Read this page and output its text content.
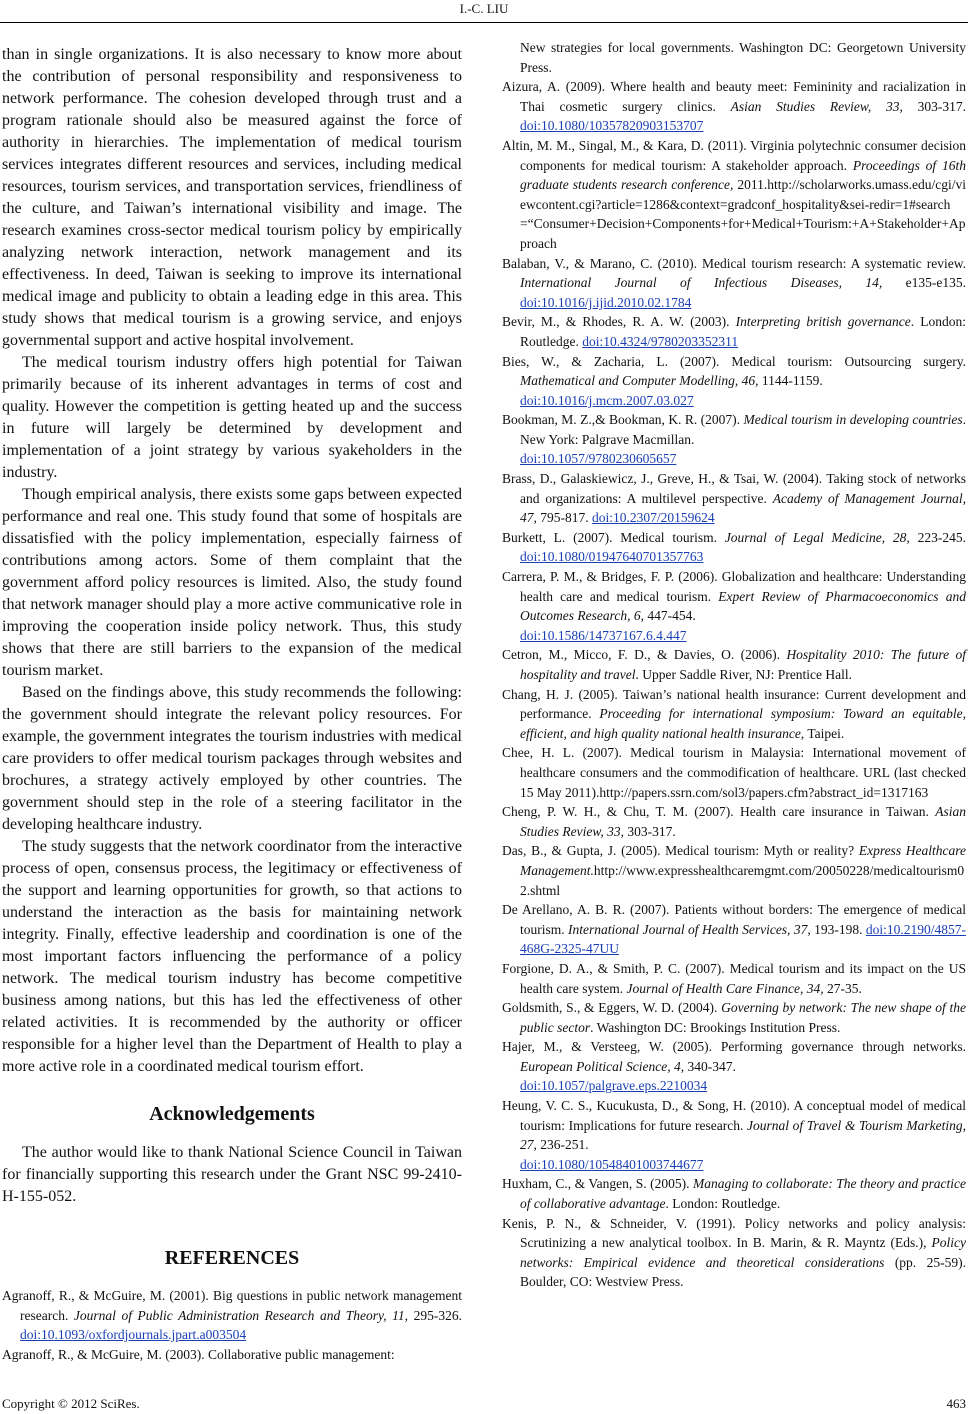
I.-C. LIU

than in single organizations. It is also necessary to know more about the contribution of personal responsibility and responsiveness to network performance. The cohesion developed through trust and a program rationale should also be measured against the force of authority in hierarchies. The implementation of medical tourism services integrates different resources and services, including medical resources, tourism services, and transportation services, friendliness of the culture, and Taiwan’s international visibility and image. The research examines cross-sector medical tourism policy by empirically analyzing network interaction, network management and its effectiveness. In deed, Taiwan is seeking to improve its international medical image and publicity to obtain a leading edge in this area. This study shows that medical tourism is a growing service, and enjoys governmental support and active hospital involvement.

The medical tourism industry offers high potential for Taiwan primarily because of its inherent advantages in terms of cost and quality. However the competition is getting heated up and the success in future will largely be determined by development and implementation of a joint strategy by various syakeholders in the industry.

Though empirical analysis, there exists some gaps between expected performance and real one. This study found that some of hospitals are dissatisfied with the policy implementation, especially fairness of contributions among actors. Some of them complaint that the government afford policy resources is limited. Also, the study found that network manager should play a more active communicative role in improving the cooperation inside policy network. Thus, this study shows that there are still barriers to the expansion of the medical tourism market.

Based on the findings above, this study recommends the following: the government should integrate the relevant policy resources. For example, the government integrates the tourism industries with medical care providers to offer medical tourism packages through websites and brochures, a strategy actively employed by other countries. The government should step in the role of a steering facilitator in the developing healthcare industry.

The study suggests that the network coordinator from the interactive process of open, consensus process, the legitimacy or effectiveness of the support and learning opportunities for growth, so that actions to understand the interaction as the basis for maintaining network integrity. Finally, effective leadership and coordination is one of the most important factors influencing the performance of a policy network. The medical tourism industry has become competitive business among nations, but this has led the effectiveness of other related activities. It is recommended by the authority or officer responsible for a higher level than the Department of Health to play a more active role in a coordinated medical tourism effort.

Acknowledgements

The author would like to thank National Science Council in Taiwan for financially supporting this research under the Grant NSC 99-2410-H-155-052.

REFERENCES

Agranoff, R., & McGuire, M. (2001). Big questions in public network management research. Journal of Public Administration Research and Theory, 11, 295-326. doi:10.1093/oxfordjournals.jpart.a003504

Agranoff, R., & McGuire, M. (2003). Collaborative public management:

New strategies for local governments. Washington DC: Georgetown University Press.

Aizura, A. (2009). Where health and beauty meet: Femininity and racialization in Thai cosmetic surgery clinics. Asian Studies Review, 33, 303-317. doi:10.1080/10357820903153707

Altin, M. M., Singal, M., & Kara, D. (2011). Virginia polytechnic consumer decision components for medical tourism: A stakeholder approach. Proceedings of 16th graduate students research conference, 2011.http://scholarworks.umass.edu/cgi/viewcontent.cgi?article=1286&context=gradconf_hospitality&sei-redir=1#search=“Consumer+Decision+Components+for+Medical+Tourism:+A+Stakeholder+Approach

Balaban, V., & Marano, C. (2010). Medical tourism research: A systematic review. International Journal of Infectious Diseases, 14, e135-e135. doi:10.1016/j.ijid.2010.02.1784

Bevir, M., & Rhodes, R. A. W. (2003). Interpreting british governance. London: Routledge. doi:10.4324/9780203352311

Bies, W., & Zacharia, L. (2007). Medical tourism: Outsourcing surgery. Mathematical and Computer Modelling, 46, 1144-1159.
doi:10.1016/j.mcm.2007.03.027

Bookman, M. Z.,& Bookman, K. R. (2007). Medical tourism in developing countries. New York: Palgrave Macmillan.
doi:10.1057/9780230605657

Brass, D., Galaskiewicz, J., Greve, H., & Tsai, W. (2004). Taking stock of networks and organizations: A multilevel perspective. Academy of Management Journal, 47, 795-817. doi:10.2307/20159624

Burkett, L. (2007). Medical tourism. Journal of Legal Medicine, 28, 223-245. doi:10.1080/01947640701357763

Carrera, P. M., & Bridges, F. P. (2006). Globalization and healthcare: Understanding health care and medical tourism. Expert Review of Pharmacoeconomics and Outcomes Research, 6, 447-454.
doi:10.1586/14737167.6.4.447

Cetron, M., Micco, F. D., & Davies, O. (2006). Hospitality 2010: The future of hospitality and travel. Upper Saddle River, NJ: Prentice Hall.

Chang, H. J. (2005). Taiwan’s national health insurance: Current development and performance. Proceeding for international symposium: Toward an equitable, efficient, and high quality national health insurance, Taipei.

Chee, H. L. (2007). Medical tourism in Malaysia: International movement of healthcare consumers and the commodification of healthcare. URL (last checked 15 May 2011).http://papers.ssrn.com/sol3/papers.cfm?abstract_id=1317163

Cheng, P. W. H., & Chu, T. M. (2007). Health care insurance in Taiwan. Asian Studies Review, 33, 303-317.

Das, B., & Gupta, J. (2005). Medical tourism: Myth or reality? Express Healthcare Management.http://www.expresshealthcaremgmt.com/20050228/medicaltourism02.shtml

De Arellano, A. B. R. (2007). Patients without borders: The emergence of medical tourism. International Journal of Health Services, 37, 193-198. doi:10.2190/4857-468G-2325-47UU

Forgione, D. A., & Smith, P. C. (2007). Medical tourism and its impact on the US health care system. Journal of Health Care Finance, 34, 27-35.

Goldsmith, S., & Eggers, W. D. (2004). Governing by network: The new shape of the public sector. Washington DC: Brookings Institution Press.

Hajer, M., & Versteeg, W. (2005). Performing governance through networks. European Political Science, 4, 340-347.
doi:10.1057/palgrave.eps.2210034

Heung, V. C. S., Kucukusta, D., & Song, H. (2010). A conceptual model of medical tourism: Implications for future research. Journal of Travel & Tourism Marketing, 27, 236-251.
doi:10.1080/10548401003744677

Huxham, C., & Vangen, S. (2005). Managing to collaborate: The theory and practice of collaborative advantage. London: Routledge.

Kenis, P. N., & Schneider, V. (1991). Policy networks and policy analysis: Scrutinizing a new analytical toolbox. In B. Marin, & R. Mayntz (Eds.), Policy networks: Empirical evidence and theoretical considerations (pp. 25-59). Boulder, CO: Westview Press.

Copyright © 2012 SciRes.	463
